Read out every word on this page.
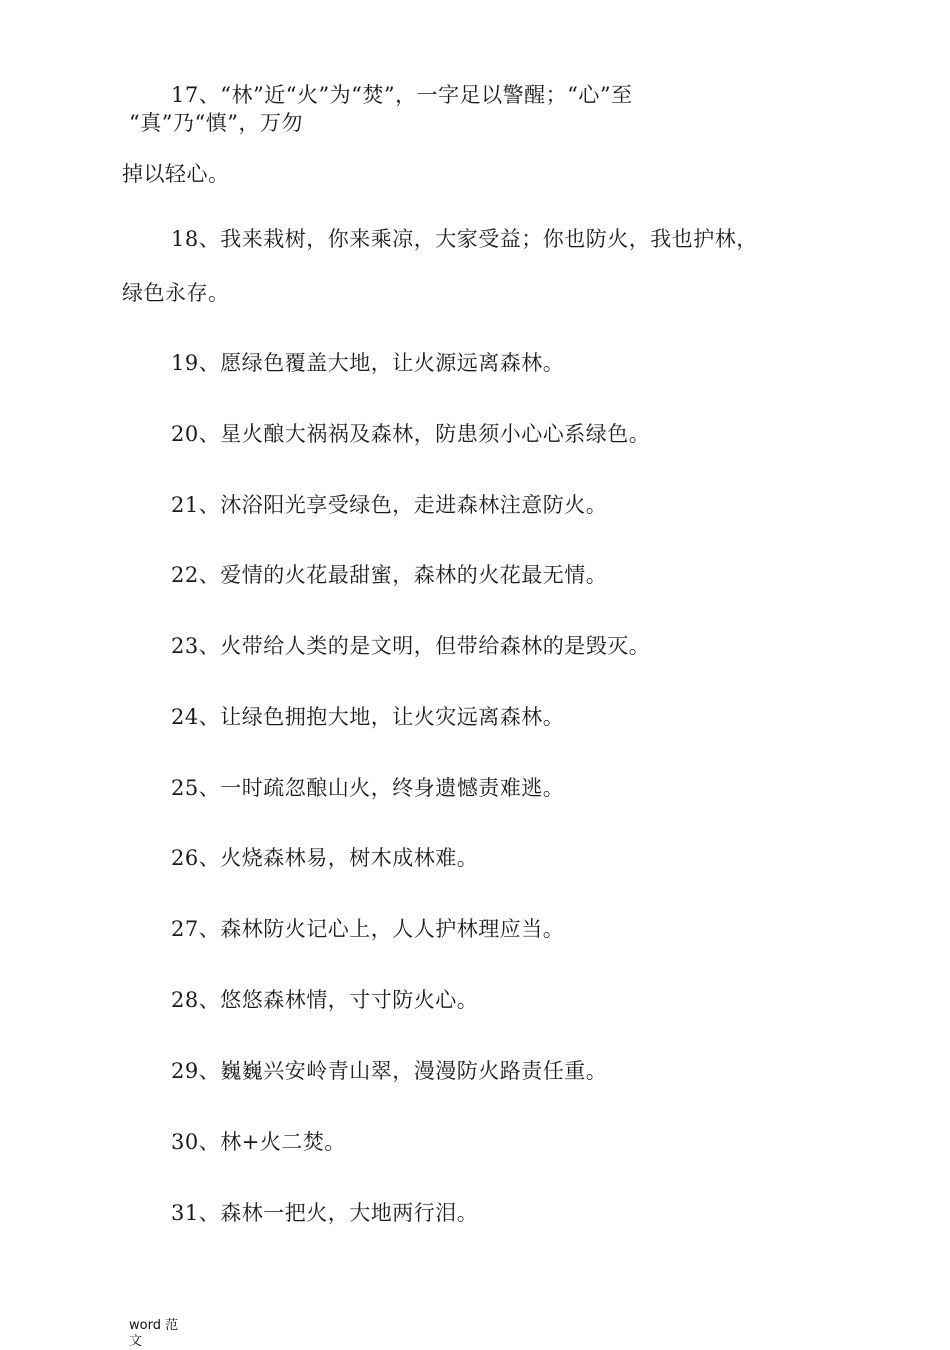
17、“林”近“火”为“焚”，一字足以警醒；“心”至
“真”乃“慎”，万勿
掉以轻心。
18、我来栽树，你来乘凉，大家受益；你也防火，我也护林，
绿色永存。
19、愿绿色覆盖大地，让火源远离森林。
20、星火酿大祸祸及森林，防患须小心心系绿色。
21、沐浴阳光享受绿色，走进森林注意防火。
22、爱情的火花最甜蜜，森林的火花最无情。
23、火带给人类的是文明，但带给森林的是毁灭。
24、让绿色拥抱大地，让火灾远离森林。
25、一时疏忽酿山火，终身遗憾责难逃。
26、火烧森林易，树木成林难。
27、森林防火记心上，人人护林理应当。
28、悠悠森林情，寸寸防火心。
29、巍巍兴安岭青山翠，漫漫防火路责任重。
30、林+火二焚。
31、森林一把火，大地两行泪。
word 范文
